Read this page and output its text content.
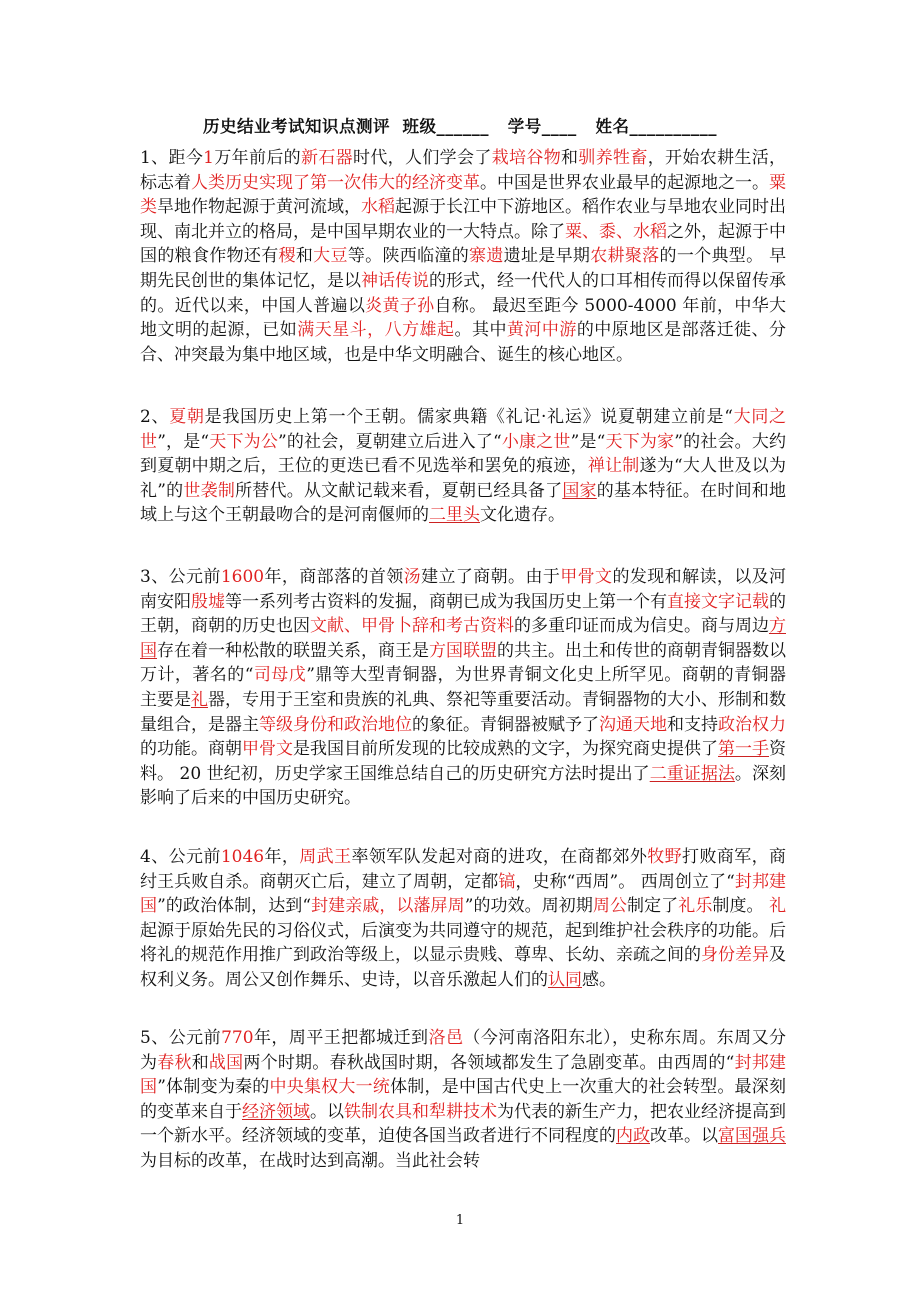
历史结业考试知识点测评  班级______   学号____   姓名__________

1、距今1万年前后的新石器时代，人们学会了栽培谷物和驯养牲畜，开始农耕生活，标志着人类历史实现了第一次伟大的经济变革。中国是世界农业最早的起源地之一。粟类旱地作物起源于黄河流域，水稻起源于长江中下游地区。稻作农业与旱地农业同时出现、南北并立的格局，是中国早期农业的一大特点。除了粟、黍、水稻之外，起源于中国的粮食作物还有稷和大豆等。陕西临潼的寨遗遗址是早期农耕聚落的一个典型。 早期先民创世的集体记忆，是以神话传说的形式，经一代代人的口耳相传而得以保留传承的。近代以来，中国人普遍以炎黄子孙自称。 最迟至距今 5000-4000 年前，中华大地文明的起源，已如满天星斗，八方雄起。其中黄河中游的中原地区是部落迁徙、分合、冲突最为集中地区域，也是中华文明融合、诞生的核心地区。

2、夏朝是我国历史上第一个王朝。儒家典籍《礼记·礼运》说夏朝建立前是“大同之世”，是“天下为公”的社会，夏朝建立后进入了“小康之世”是“天下为家”的社会。大约到夏朝中期之后，王位的更迭已看不见选举和罢免的痕迹，禅让制遂为“大人世及以为礼”的世袭制所替代。从文献记载来看，夏朝已经具备了国家的基本特征。在时间和地域上与这个王朝最吻合的是河南偃师的二里头文化遗存。

3、公元前1600年，商部落的首领汤建立了商朝。由于甲骨文的发现和解读，以及河南安阳殷墟等一系列考古资料的发掘，商朝已成为我国历史上第一个有直接文字记载的王朝，商朝的历史也因文献、甲骨卜辞和考古资料的多重印证而成为信史。商与周边方国存在着一种松散的联盟关系，商王是方国联盟的共主。出土和传世的商朝青铜器数以万计，著名的“司母戊”鼎等大型青铜器，为世界青铜文化史上所罕见。商朝的青铜器主要是礼器，专用于王室和贵族的礼典、祭祀等重要活动。青铜器物的大小、形制和数量组合，是器主等级身份和政治地位的象征。青铜器被赋予了沟通天地和支持政治权力的功能。商朝甲骨文是我国目前所发现的比较成熟的文字，为探究商史提供了第一手资料。 20 世纪初，历史学家王国维总结自己的历史研究方法时提出了二重证据法。深刻影响了后来的中国历史研究。

4、公元前1046年，周武王率领军队发起对商的进攻，在商都郊外牧野打败商军，商纣王兵败自杀。商朝灭亡后，建立了周朝，定都镐，史称“西周”。 西周创立了“封邦建国”的政治体制，达到“封建亲戚，以藩屏周”的功效。周初期周公制定了礼乐制度。 礼起源于原始先民的习俗仪式，后演变为共同遵守的规范，起到维护社会秩序的功能。后将礼的规范作用推广到政治等级上，以显示贵贱、尊卑、长幼、亲疏之间的身份差异及权利义务。周公又创作舞乐、史诗，以音乐激起人们的认同感。

5、公元前770年，周平王把都城迁到洛邑（今河南洛阳东北），史称东周。东周又分为春秋和战国两个时期。春秋战国时期，各领域都发生了急剧变革。由西周的“封邦建国”体制变为秦的中央集权大一统体制，是中国古代史上一次重大的社会转型。最深刻的变革来自于经济领域。以铁制农具和犁耕技术为代表的新生产力，把农业经济提高到一个新水平。经济领域的变革，迫使各国当政者进行不同程度的内政改革。以富国强兵为目标的改革，在战时达到高潮。当此社会转

1
